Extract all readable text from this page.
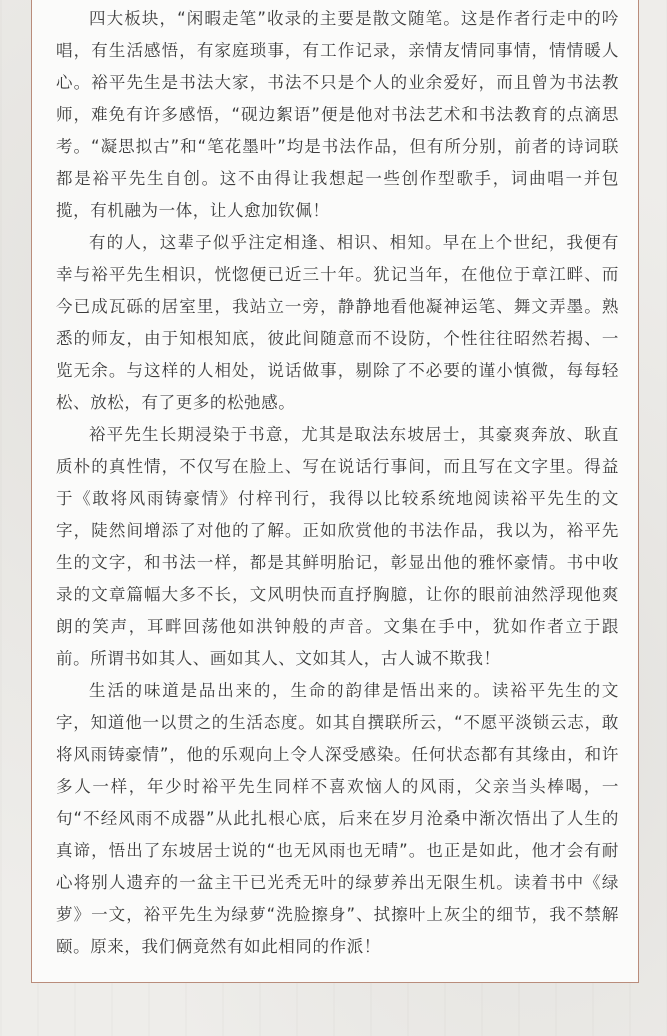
四大板块，“闲暇走笔”收录的主要是散文随笔。这是作者行走中的吟唱，有生活感悟，有家庭琐事，有工作记录，亲情友情同事情，情情暖人心。裕平先生是书法大家，书法不只是个人的业余爱好，而且曾为书法教师，难免有许多感悟，“砚边絮语”便是他对书法艺术和书法教育的点滴思考。“凝思拟古”和“笔花墨叶”均是书法作品，但有所分别，前者的诗词联都是裕平先生自创。这不由得让我想起一些创作型歌手，词曲唱一并包揽，有机融为一体，让人愈加钦佩！

有的人，这辈子似乎注定相逢、相识、相知。早在上个世纪，我便有幸与裕平先生相识，恍惚便已近三十年。犹记当年，在他位于章江畔、而今已成瓦砾的居室里，我站立一旁，静静地看他凝神运笔、舞文弄墨。熟悉的师友，由于知根知底，彼此间随意而不设防，个性往往昭然若揭、一览无余。与这样的人相处，说话做事，剔除了不必要的谨小慎微，每每轻松、放松，有了更多的松弛感。

裕平先生长期浸染于书意，尤其是取法东坡居士，其豪爽奔放、耿直质朴的真性情，不仅写在脸上、写在说话行事间，而且写在文字里。得益于《敢将风雨铸豪情》付梓刊行，我得以比较系统地阅读裕平先生的文字，陡然间增添了对他的了解。正如欣赏他的书法作品，我以为，裕平先生的文字，和书法一样，都是其鲜明胎记，彰显出他的雅怀豪情。书中收录的文章篇幅大多不长，文风明快而直抒胸臆，让你的眼前油然浮现他爽朗的笑声，耳畔回荡他如洪钟般的声音。文集在手中，犹如作者立于跟前。所谓书如其人、画如其人、文如其人，古人诚不欺我！

生活的味道是品出来的，生命的韵律是悟出来的。读裕平先生的文字，知道他一以贯之的生活态度。如其自撰联所云，“不愿平淡锁云志，敢将风雨铸豪情”，他的乐观向上令人深受感染。任何状态都有其缘由，和许多人一样，年少时裕平先生同样不喜欢恼人的风雨，父亲当头棒喝，一句“不经风雨不成器”从此扎根心底，后来在岁月沧桑中渐次悟出了人生的真谛，悟出了东坡居士说的“也无风雨也无晴”。也正是如此，他才会有耐心将别人遗弃的一盆主干已光秃无叶的绿萝养出无限生机。读着书中《绿萝》一文，裕平先生为绿萝“洗脸擦身”、拭擦叶上灰尘的细节，我不禁解颐。原来，我们俩竟然有如此相同的作派！
